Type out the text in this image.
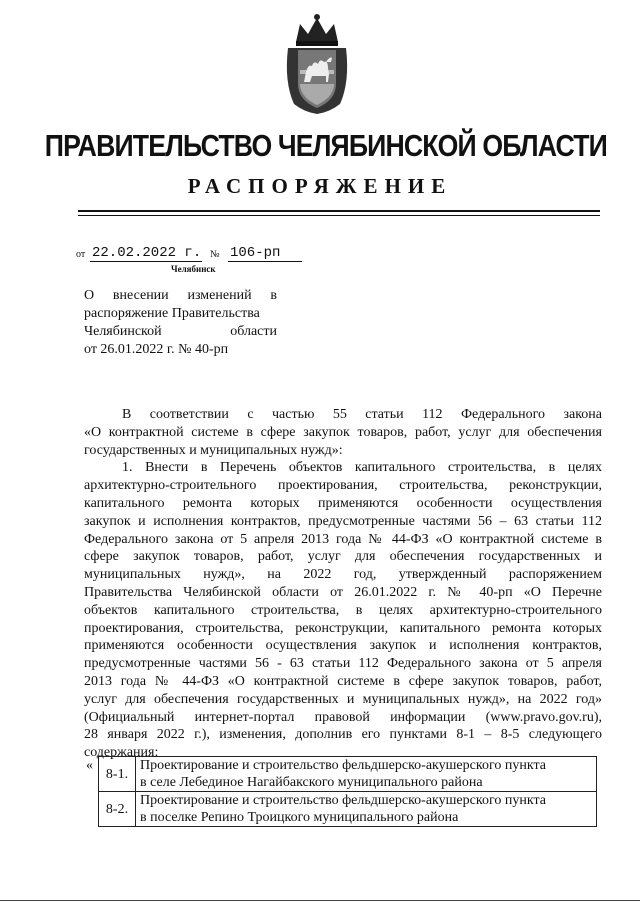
ПРАВИТЕЛЬСТВО ЧЕЛЯБИНСКОЙ ОБЛАСТИ
РАСПОРЯЖЕНИЕ
от 22.02.2022 г. № 106-рп
Челябинск
О внесении изменений в
распоряжение Правительства
Челябинской области
от 26.01.2022 г. № 40-рп
В соответствии с частью 55 статьи 112 Федерального закона
«О контрактной системе в сфере закупок товаров, работ, услуг для обеспечения
государственных и муниципальных нужд»:
1. Внести в Перечень объектов капитального строительства, в целях
архитектурно-строительного проектирования, строительства, реконструкции,
капитального ремонта которых применяются особенности осуществления
закупок и исполнения контрактов, предусмотренные частями 56 – 63 статьи 112
Федерального закона от 5 апреля 2013 года № 44-ФЗ «О контрактной системе в
сфере закупок товаров, работ, услуг для обеспечения государственных и
муниципальных нужд», на 2022 год, утвержденный распоряжением
Правительства Челябинской области от 26.01.2022 г. № 40-рп «О Перечне
объектов капитального строительства, в целях архитектурно-строительного
проектирования, строительства, реконструкции, капитального ремонта которых
применяются особенности осуществления закупок и исполнения контрактов,
предусмотренные частями 56 - 63 статьи 112 Федерального закона от 5 апреля
2013 года № 44-ФЗ «О контрактной системе в сфере закупок товаров, работ,
услуг для обеспечения государственных и муниципальных нужд», на 2022 год»
(Официальный интернет-портал правовой информации (www.pravo.gov.ru),
28 января 2022 г.), изменения, дополнив его пунктами 8-1 – 8-5 следующего
содержания:
«	8-1.	Проектирование и строительство фельдшерско-акушерского пункта
в селе Лебединое Нагайбакского муниципального района

	8-2.	Проектирование и строительство фельдшерско-акушерского пункта
в поселке Репино Троицкого муниципального района
